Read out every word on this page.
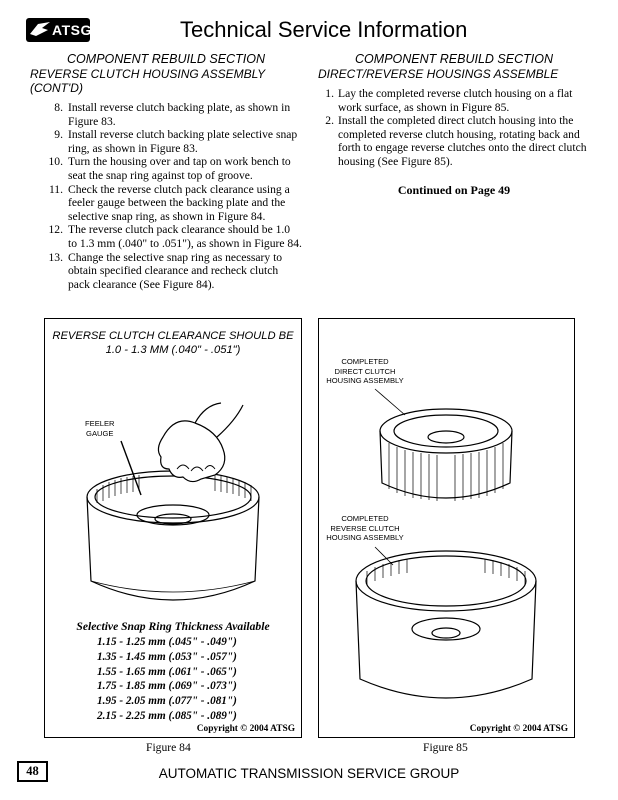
ATSG	Technical Service Information
COMPONENT REBUILD SECTION
REVERSE CLUTCH HOUSING ASSEMBLY (CONT'D)
8. Install reverse clutch backing plate, as shown in Figure 83.
9. Install reverse clutch backing plate selective snap ring, as shown in Figure 83.
10. Turn the housing over and tap on work bench to seat the snap ring against top of groove.
11. Check the reverse clutch pack clearance using a feeler gauge between the backing plate and the selective snap ring, as shown in Figure 84.
12. The reverse clutch pack clearance should be 1.0 to 1.3 mm (.040" to .051"), as shown in Figure 84.
13. Change the selective snap ring as necessary to obtain specified clearance and recheck clutch pack clearance (See Figure 84).
COMPONENT REBUILD SECTION
DIRECT/REVERSE HOUSINGS ASSEMBLE
1. Lay the completed reverse clutch housing on a flat work surface, as shown in Figure 85.
2. Install the completed direct clutch housing into the completed reverse clutch housing, rotating back and forth to engage reverse clutches onto the direct clutch housing (See Figure 85).
Continued on Page 49
REVERSE CLUTCH CLEARANCE SHOULD BE
1.0 - 1.3 MM (.040" - .051")
FEELER
GAUGE
Selective Snap Ring Thickness Available
1.15 - 1.25 mm (.045" - .049")
1.35 - 1.45 mm (.053" - .057")
1.55 - 1.65 mm (.061" - .065")
1.75 - 1.85 mm (.069" - .073")
1.95 - 2.05 mm (.077" - .081")
2.15 - 2.25 mm (.085" - .089")
Copyright © 2004 ATSG
COMPLETED
DIRECT CLUTCH
HOUSING ASSEMBLY
COMPLETED
REVERSE CLUTCH
HOUSING ASSEMBLY
Copyright © 2004 ATSG
Figure 84	Figure 85
48	AUTOMATIC TRANSMISSION SERVICE GROUP
